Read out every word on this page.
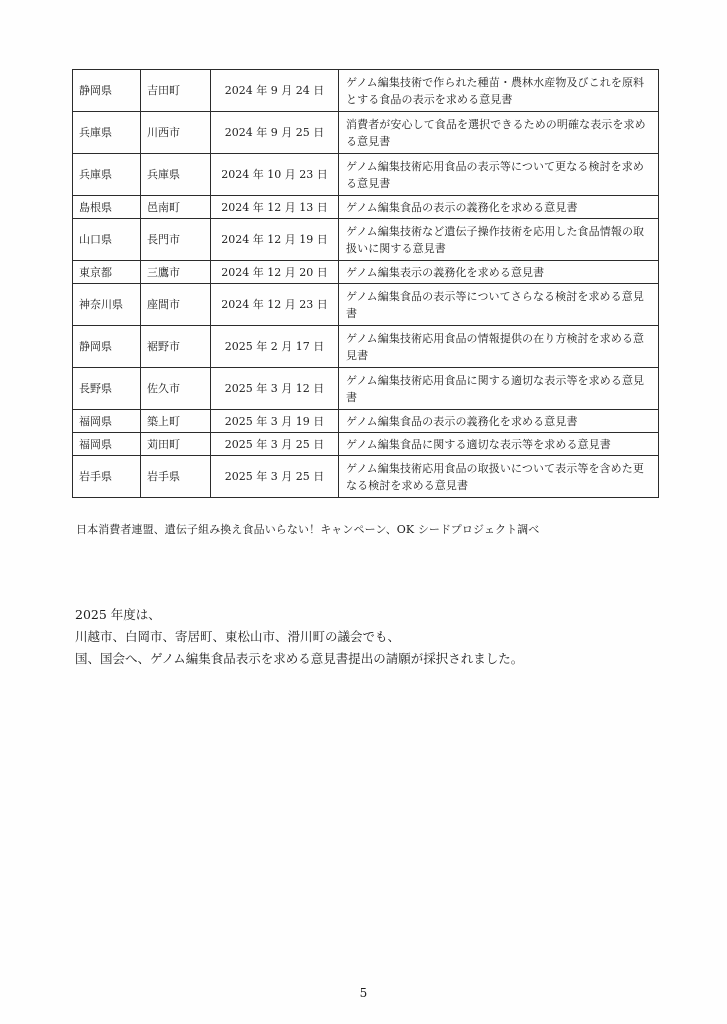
静岡県	吉田町	2024 年 9 月 24 日	ゲノム編集技術で作られた種苗・農林水産物及びこれを原料とする食品の表示を求める意見書
兵庫県	川西市	2024 年 9 月 25 日	消費者が安心して食品を選択できるための明確な表示を求める意見書
兵庫県	兵庫県	2024 年 10 月 23 日	ゲノム編集技術応用食品の表示等について更なる検討を求める意見書
島根県	邑南町	2024 年 12 月 13 日	ゲノム編集食品の表示の義務化を求める意見書
山口県	長門市	2024 年 12 月 19 日	ゲノム編集技術など遺伝子操作技術を応用した食品情報の取扱いに関する意見書
東京都	三鷹市	2024 年 12 月 20 日	ゲノム編集表示の義務化を求める意見書
神奈川県	座間市	2024 年 12 月 23 日	ゲノム編集食品の表示等についてさらなる検討を求める意見書
静岡県	裾野市	2025 年 2 月 17 日	ゲノム編集技術応用食品の情報提供の在り方検討を求める意見書
長野県	佐久市	2025 年 3 月 12 日	ゲノム編集技術応用食品に関する適切な表示等を求める意見書
福岡県	築上町	2025 年 3 月 19 日	ゲノム編集食品の表示の義務化を求める意見書
福岡県	苅田町	2025 年 3 月 25 日	ゲノム編集食品に関する適切な表示等を求める意見書
岩手県	岩手県	2025 年 3 月 25 日	ゲノム編集技術応用食品の取扱いについて表示等を含めた更なる検討を求める意見書
日本消費者連盟、遺伝子組み換え食品いらない！キャンペーン、OK シードプロジェクト調べ

2025 年度は、

川越市、白岡市、寄居町、東松山市、滑川町の議会でも、

国、国会へ、ゲノム編集食品表示を求める意見書提出の請願が採択されました。

5
